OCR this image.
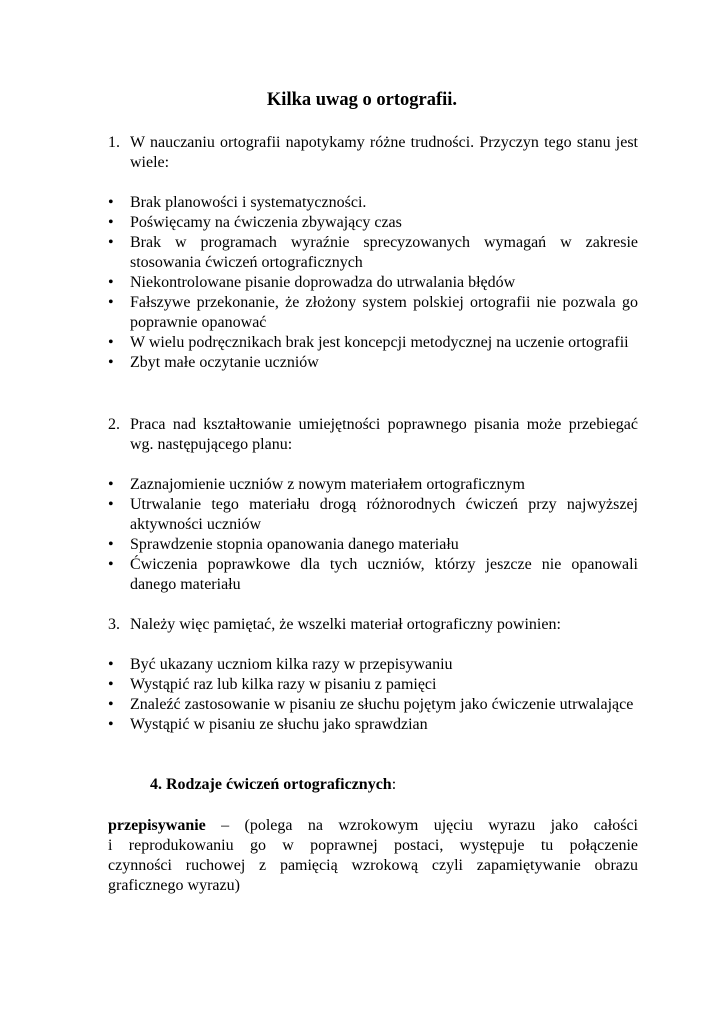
Kilka uwag o ortografii.
1. W nauczaniu ortografii napotykamy różne trudności. Przyczyn tego stanu jest wiele:
•	Brak planowości i systematyczności.
•	Poświęcamy na ćwiczenia zbywający czas
•	Brak w programach wyraźnie sprecyzowanych wymagań w zakresie stosowania ćwiczeń ortograficznych
•	Niekontrolowane pisanie doprowadza do utrwalania błędów
•	Fałszywe przekonanie, że złożony system polskiej ortografii nie pozwala go poprawnie opanować
•	W wielu podręcznikach brak jest koncepcji metodycznej na uczenie ortografii
•	Zbyt małe oczytanie uczniów
2. Praca nad kształtowanie umiejętności poprawnego pisania może przebiegać wg. następującego planu:
•	Zaznajomienie uczniów z nowym materiałem ortograficznym
•	Utrwalanie tego materiału drogą różnorodnych ćwiczeń przy najwyższej aktywności uczniów
•	Sprawdzenie stopnia opanowania danego materiału
•	Ćwiczenia poprawkowe dla tych uczniów, którzy jeszcze nie opanowali danego materiału
3. Należy więc pamiętać, że wszelki materiał ortograficzny powinien:
•	Być ukazany uczniom kilka razy w przepisywaniu
•	Wystąpić raz lub kilka razy w pisaniu z pamięci
•	Znaleźć zastosowanie w pisaniu ze słuchu pojętym jako ćwiczenie utrwalające
•	Wystąpić w pisaniu ze słuchu jako sprawdzian
4. Rodzaje ćwiczeń ortograficznych:
przepisywanie – (polega na wzrokowym ujęciu wyrazu jako całości
i reprodukowaniu go w poprawnej postaci, występuje tu połączenie
czynności ruchowej z pamięcią wzrokową czyli zapamiętywanie obrazu
graficznego wyrazu)
